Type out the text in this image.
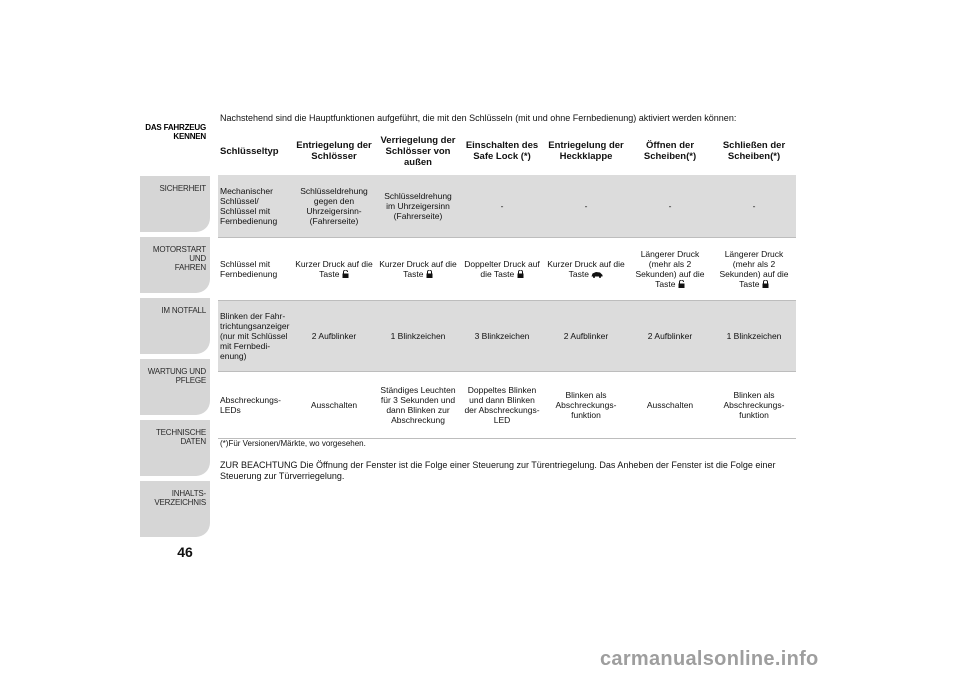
DAS FAHRZEUG
KENNEN
SICHERHEIT
MOTORSTART UND
FAHREN
IM NOTFALL
WARTUNG UND
PFLEGE
TECHNISCHE DATEN
INHALTS-
VERZEICHNIS
46
Nachstehend sind die Hauptfunktionen aufgeführt, die mit den Schlüsseln (mit und ohne Fernbedienung) aktiviert werden können:
Schlüsseltyp	Entriegelung der Schlösser	Verriegelung der Schlösser von außen	Einschalten des Safe Lock (*)	Entriegelung der Heckklappe	Öffnen der Scheiben(*)	Schließen der Scheiben(*)
Mechanischer Schlüssel/ Schlüssel mit Fernbedienung	Schlüsseldrehung gegen den Uhrzeigersinn- (Fahrerseite)	Schlüsseldrehung im Uhrzeigersinn (Fahrerseite)	-	-	-	-
Schlüssel mit Fernbedienung	Kurzer Druck auf die Taste	Kurzer Druck auf die Taste	Doppelter Druck auf die Taste	Kurzer Druck auf die Taste	Längerer Druck (mehr als 2 Sekunden) auf die Taste	Längerer Druck (mehr als 2 Sekunden) auf die Taste

Blinken der Fahr- trichtungsanzeiger (nur mit Schlüssel mit Fernbedi- enung)	2 Aufblinker	1 Blinkzeichen	3 Blinkzeichen	2 Aufblinker	2 Aufblinker	1 Blinkzeichen
Abschreckungs- LEDs	Ausschalten	Ständiges Leuchten für 3 Sekunden und dann Blinken zur Abschreckung	Doppeltes Blinken und dann Blinken der Abschreckungs- LED	Blinken als Abschreckungs- funktion	Ausschalten	Blinken als Abschreckungs- funktion
(*)Für Versionen/Märkte, wo vorgesehen.
ZUR BEACHTUNG Die Öffnung der Fenster ist die Folge einer Steuerung zur Türentriegelung. Das Anheben der Fenster ist die Folge einer Steuerung zur Türverriegelung.
carmanualsonline.info
